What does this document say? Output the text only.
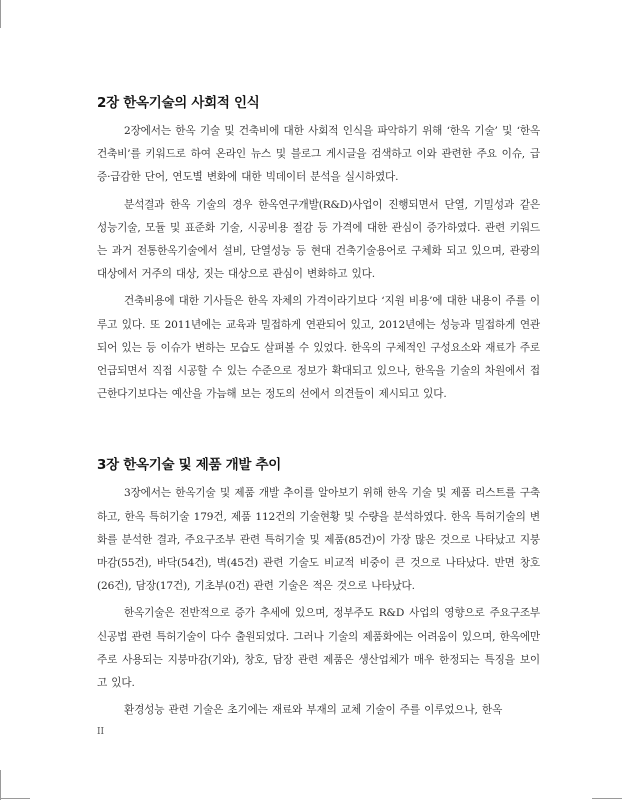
2장 한옥기술의 사회적 인식

2장에서는 한옥 기술 및 건축비에 대한 사회적 인식을 파악하기 위해 ‘한옥 기술’ 및 ‘한옥 건축비’를 키워드로 하여 온라인 뉴스 및 블로그 게시글을 검색하고 이와 관련한 주요 이슈, 급증·급감한 단어, 연도별 변화에 대한 빅데이터 분석을 실시하였다.

분석결과 한옥 기술의 경우 한옥연구개발(R&D)사업이 진행되면서 단열, 기밀성과 같은 성능기술, 모듈 및 표준화 기술, 시공비용 절감 등 가격에 대한 관심이 증가하였다. 관련 키워드는 과거 전통한옥기술에서 설비, 단열성능 등 현대 건축기술용어로 구체화 되고 있으며, 관광의 대상에서 거주의 대상, 짓는 대상으로 관심이 변화하고 있다.

건축비용에 대한 기사들은 한옥 자체의 가격이라기보다 ‘지원 비용’에 대한 내용이 주를 이루고 있다. 또 2011년에는 교육과 밀접하게 연관되어 있고, 2012년에는 성능과 밀접하게 연관되어 있는 등 이슈가 변하는 모습도 살펴볼 수 있었다. 한옥의 구체적인 구성요소와 재료가 주로 언급되면서 직접 시공할 수 있는 수준으로 정보가 확대되고 있으나, 한옥을 기술의 차원에서 접근한다기보다는 예산을 가늠해 보는 정도의 선에서 의견들이 제시되고 있다.

3장 한옥기술 및 제품 개발 추이

3장에서는 한옥기술 및 제품 개발 추이를 알아보기 위해 한옥 기술 및 제품 리스트를 구축하고, 한옥 특허기술 179건, 제품 112건의 기술현황 및 수량을 분석하였다. 한옥 특허기술의 변화를 분석한 결과, 주요구조부 관련 특허기술 및 제품(85건)이 가장 많은 것으로 나타났고 지붕마감(55건), 바닥(54건), 벽(45건) 관련 기술도 비교적 비중이 큰 것으로 나타났다. 반면 창호(26건), 담장(17건), 기초부(0건) 관련 기술은 적은 것으로 나타났다.

한옥기술은 전반적으로 증가 추세에 있으며, 정부주도 R&D 사업의 영향으로 주요구조부 신공법 관련 특허기술이 다수 출원되었다. 그러나 기술의 제품화에는 어려움이 있으며, 한옥에만 주로 사용되는 지붕마감(기와), 창호, 담장 관련 제품은 생산업체가 매우 한정되는 특징을 보이고 있다.

환경성능 관련 기술은 초기에는 재료와 부재의 교체 기술이 주를 이루었으나, 한옥

II
